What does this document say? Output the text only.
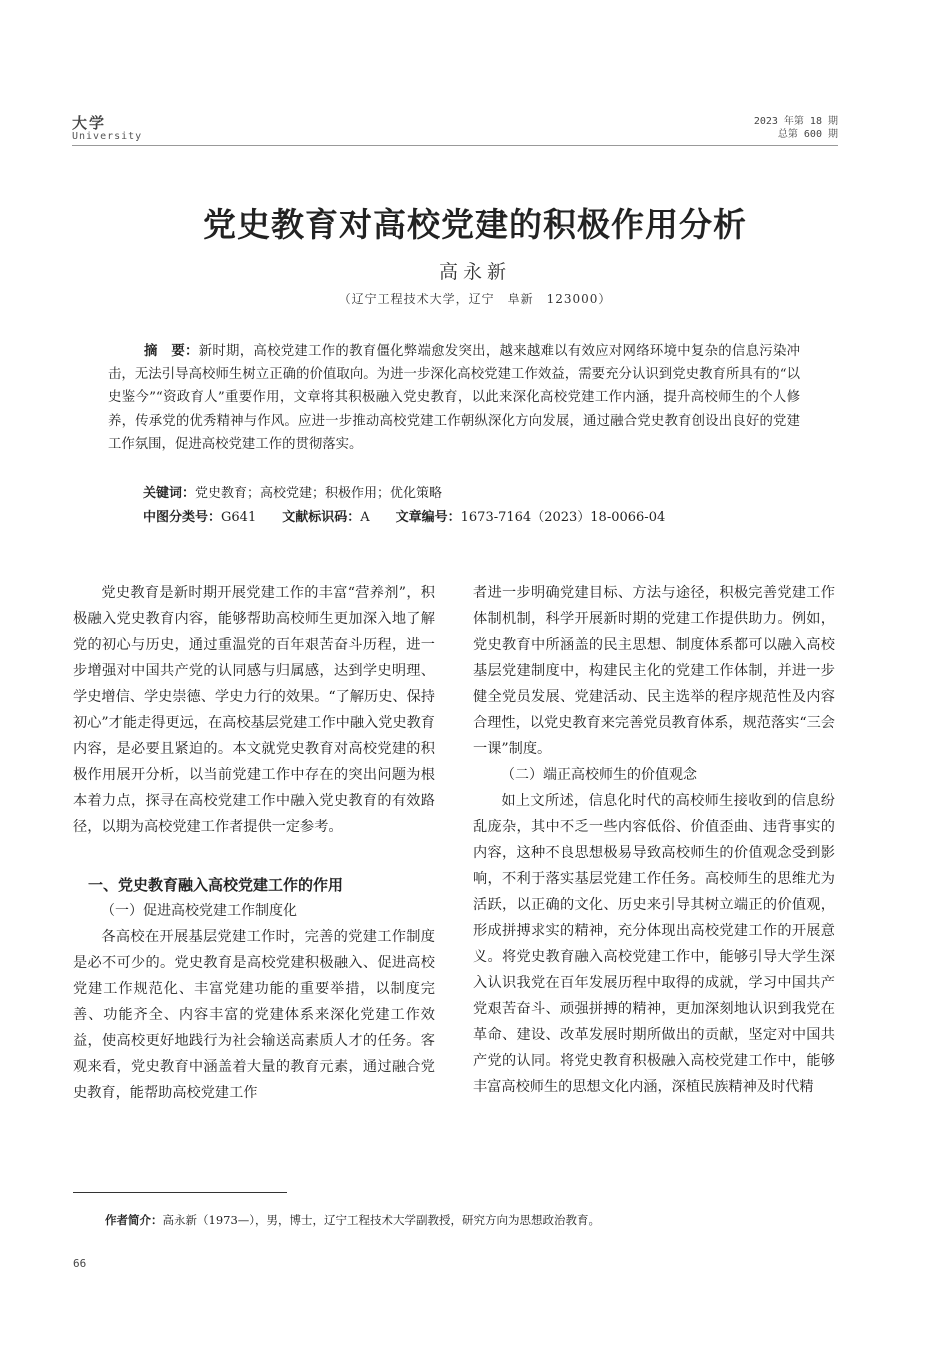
大学
University
2023 年第 18 期
总第 600 期
党史教育对高校党建的积极作用分析
高永新
（辽宁工程技术大学，辽宁　阜新　123000）
摘　要：新时期，高校党建工作的教育僵化弊端愈发突出，越来越难以有效应对网络环境中复杂的信息污染冲击，无法引导高校师生树立正确的价值取向。为进一步深化高校党建工作效益，需要充分认识到党史教育所具有的“以史鉴今”“资政育人”重要作用，文章将其积极融入党史教育，以此来深化高校党建工作内涵，提升高校师生的个人修养，传承党的优秀精神与作风。应进一步推动高校党建工作朝纵深化方向发展，通过融合党史教育创设出良好的党建工作氛围，促进高校党建工作的贯彻落实。
关键词：党史教育；高校党建；积极作用；优化策略
中图分类号：G641 文献标识码：A 文章编号：1673-7164（2023）18-0066-04

党史教育是新时期开展党建工作的丰富“营养剂”，积极融入党史教育内容，能够帮助高校师生更加深入地了解党的初心与历史，通过重温党的百年艰苦奋斗历程，进一步增强对中国共产党的认同感与归属感，达到学史明理、学史增信、学史崇德、学史力行的效果。“了解历史、保持初心”才能走得更远，在高校基层党建工作中融入党史教育内容，是必要且紧迫的。本文就党史教育对高校党建的积极作用展开分析，以当前党建工作中存在的突出问题为根本着力点，探寻在高校党建工作中融入党史教育的有效路径，以期为高校党建工作者提供一定参考。

一、党史教育融入高校党建工作的作用

（一）促进高校党建工作制度化

各高校在开展基层党建工作时，完善的党建工作制度是必不可少的。党史教育是高校党建积极融入、促进高校党建工作规范化、丰富党建功能的重要举措，以制度完善、功能齐全、内容丰富的党建体系来深化党建工作效益，使高校更好地践行为社会输送高素质人才的任务。客观来看，党史教育中涵盖着大量的教育元素，通过融合党史教育，能帮助高校党建工作

者进一步明确党建目标、方法与途径，积极完善党建工作体制机制，科学开展新时期的党建工作提供助力。例如，党史教育中所涵盖的民主思想、制度体系都可以融入高校基层党建制度中，构建民主化的党建工作体制，并进一步健全党员发展、党建活动、民主选举的程序规范性及内容合理性，以党史教育来完善党员教育体系，规范落实“三会一课”制度。

（二）端正高校师生的价值观念

如上文所述，信息化时代的高校师生接收到的信息纷乱庞杂，其中不乏一些内容低俗、价值歪曲、违背事实的内容，这种不良思想极易导致高校师生的价值观念受到影响，不利于落实基层党建工作任务。高校师生的思维尤为活跃，以正确的文化、历史来引导其树立端正的价值观，形成拼搏求实的精神，充分体现出高校党建工作的开展意义。将党史教育融入高校党建工作中，能够引导大学生深入认识我党在百年发展历程中取得的成就，学习中国共产党艰苦奋斗、顽强拼搏的精神，更加深刻地认识到我党在革命、建设、改革发展时期所做出的贡献，坚定对中国共产党的认同。将党史教育积极融入高校党建工作中，能够丰富高校师生的思想文化内涵，深植民族精神及时代精

作者简介：高永新（1973—），男，博士，辽宁工程技术大学副教授，研究方向为思想政治教育。
66
